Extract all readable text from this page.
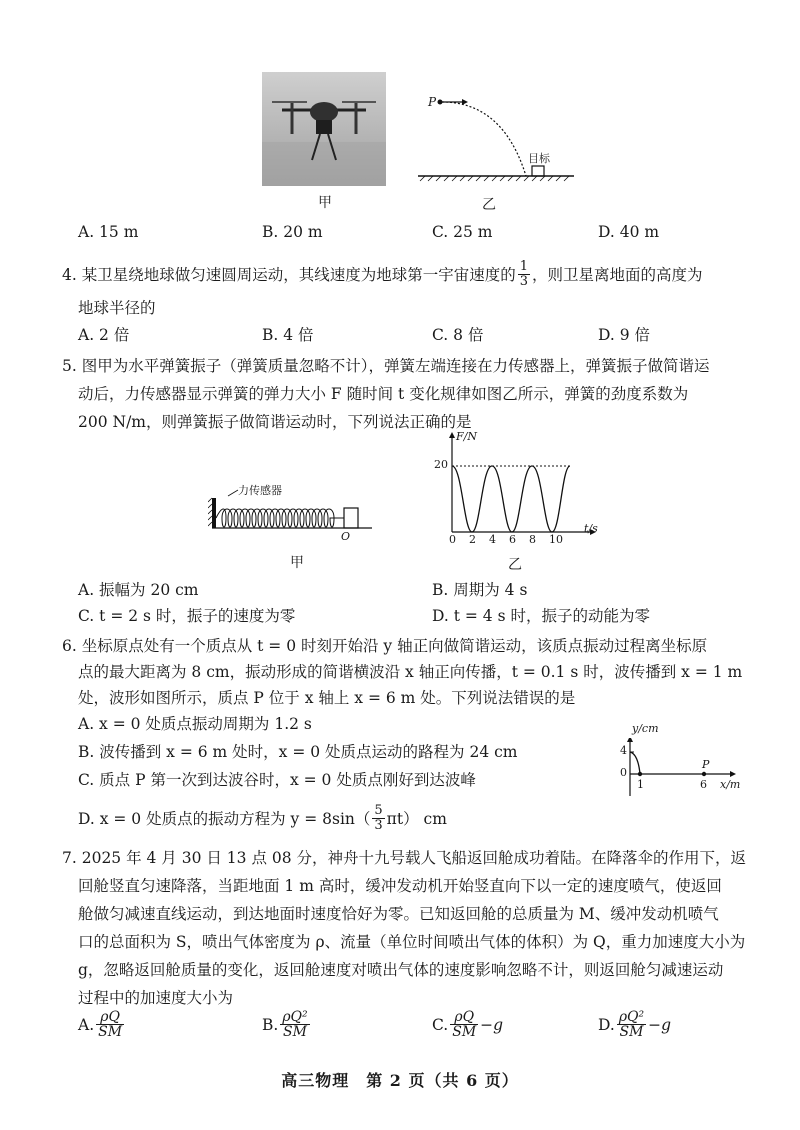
甲
P
目标
乙
A. 15 m	B. 20 m	C. 25 m	D. 40 m
4. 某卫星绕地球做匀速圆周运动，其线速度为地球第一宇宙速度的 $\frac{1}{3}$ ，则卫星离地面的高度为
地球半径的
A. 2 倍	B. 4 倍	C. 8 倍	D. 9 倍
5. 图甲为水平弹簧振子（弹簧质量忽略不计），弹簧左端连接在力传感器上，弹簧振子做简谐运
动后，力传感器显示弹簧的弹力大小 F 随时间 t 变化规律如图乙所示，弹簧的劲度系数为
200 N/m，则弹簧振子做简谐运动时，下列说法正确的是
力传感器
O
甲
F/N
20
t/s
0 2 4 6 8 10
乙
A. 振幅为 20 cm	B. 周期为 4 s
C. t = 2 s 时，振子的速度为零	D. t = 4 s 时，振子的动能为零
6. 坐标原点处有一个质点从 t = 0 时刻开始沿 y 轴正向做简谐运动，该质点振动过程离坐标原
点的最大距离为 8 cm，振动形成的简谐横波沿 x 轴正向传播，t = 0.1 s 时，波传播到 x = 1 m
处，波形如图所示，质点 P 位于 x 轴上 x = 6 m 处。下列说法错误的是
A. x = 0 处质点振动周期为 1.2 s
B. 波传播到 x = 6 m 处时，x = 0 处质点运动的路程为 24 cm
C. 质点 P 第一次到达波谷时，x = 0 处质点刚好到达波峰
D. x = 0 处质点的振动方程为 $y = 8\sin( \frac{5}{3} \pi t)$ cm
y/cm
4
0
1	6
P
x/m
7. 2025 年 4 月 30 日 13 点 08 分，神舟十九号载人飞船返回舱成功着陆。在降落伞的作用下，返
回舱竖直匀速降落，当距地面 1 m 高时，缓冲发动机开始竖直向下以一定的速度喷气，使返回
舱做匀减速直线运动，到达地面时速度恰好为零。已知返回舱的总质量为 M、缓冲发动机喷气
口的总面积为 S，喷出气体密度为 ρ、流量（单位时间喷出气体的体积）为 Q，重力加速度大小为
g，忽略返回舱质量的变化，返回舱速度对喷出气体的速度影响忽略不计，则返回舱匀减速运动
过程中的加速度大小为
A. $\frac{\rho Q}{SM}$	B. $\frac{\text{ρQ²}}{SM}$	C. $\frac{\rho Q}{SM} -g$	D. $\frac{\text{ρQ²}}{SM} -g$
高三物理　第 2 页（共 6 页）
